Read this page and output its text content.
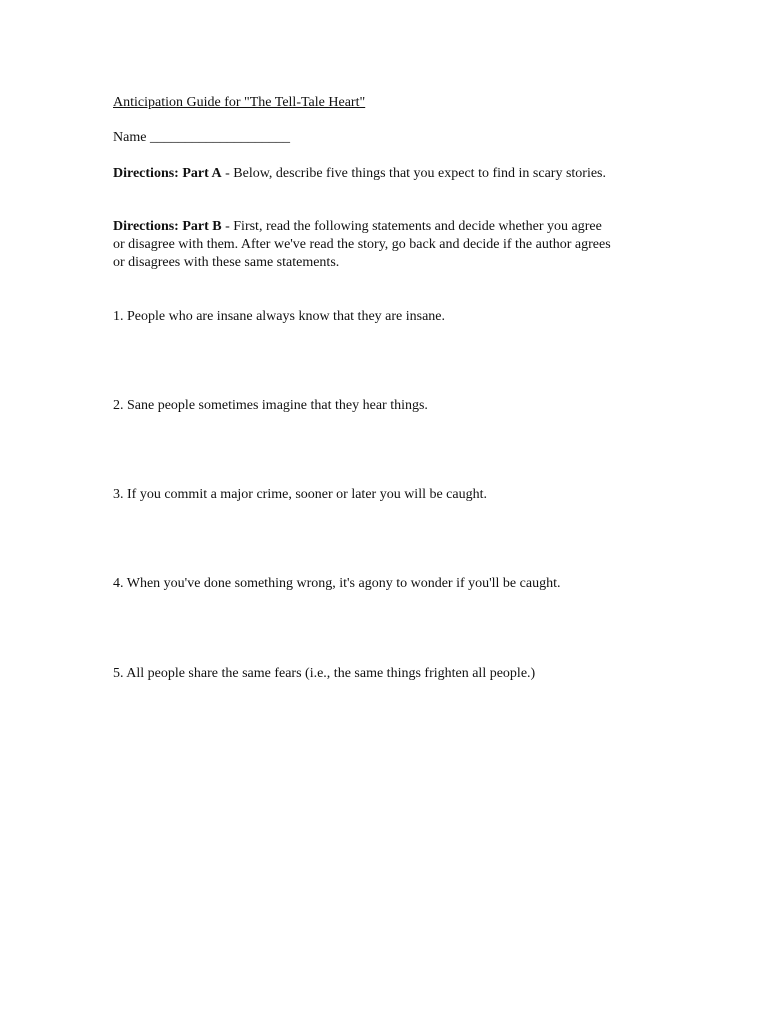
Anticipation Guide for "The Tell-Tale Heart"
Name ____________________
Directions: Part A - Below, describe five things that you expect to find in scary stories.
Directions: Part B - First, read the following statements and decide whether you agree
or disagree with them. After we've read the story, go back and decide if the author agrees
or disagrees with these same statements.
1. People who are insane always know that they are insane.
2. Sane people sometimes imagine that they hear things.
3. If you commit a major crime, sooner or later you will be caught.
4. When you've done something wrong, it's agony to wonder if you'll be caught.
5. All people share the same fears (i.e., the same things frighten all people.)
